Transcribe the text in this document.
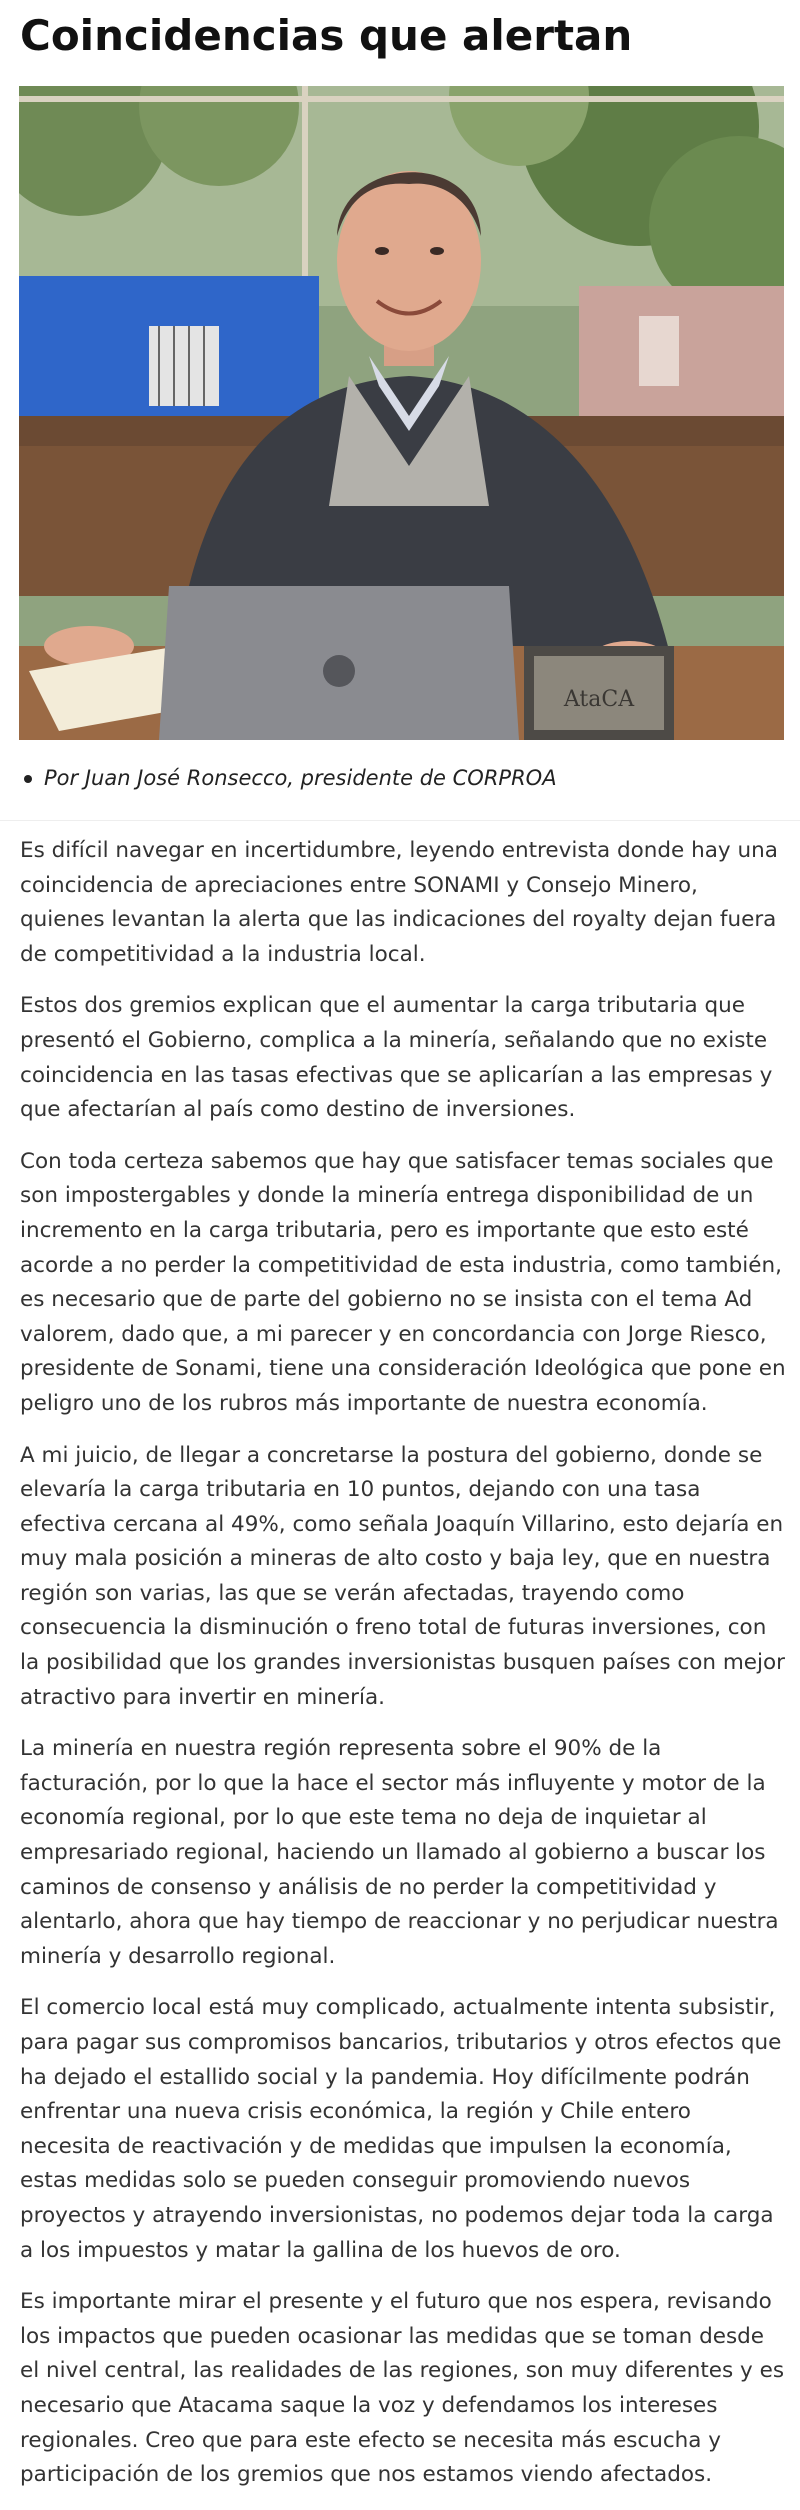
Coincidencias que alertan
AtaCA
Por Juan José Ronsecco, presidente de CORPROA

Es difícil navegar en incertidumbre, leyendo entrevista donde hay una coincidencia de apreciaciones entre SONAMI y Consejo Minero, quienes levantan la alerta que las indicaciones del royalty dejan fuera de competitividad a la industria local.

Estos dos gremios explican que el aumentar la carga tributaria que presentó el Gobierno, complica a la minería, señalando que no existe coincidencia en las tasas efectivas que se aplicarían a las empresas y que afectarían al país como destino de inversiones.

Con toda certeza sabemos que hay que satisfacer temas sociales que son impostergables y donde la minería entrega disponibilidad de un incremento en la carga tributaria, pero es importante que esto esté acorde a no perder la competitividad de esta industria, como también, es necesario que de parte del gobierno no se insista con el tema Ad valorem, dado que, a mi parecer y en concordancia con Jorge Riesco, presidente de Sonami, tiene una consideración Ideológica que pone en peligro uno de los rubros más importante de nuestra economía.

A mi juicio, de llegar a concretarse la postura del gobierno, donde se elevaría la carga tributaria en 10 puntos, dejando con una tasa efectiva cercana al 49%, como señala Joaquín Villarino, esto dejaría en muy mala posición a mineras de alto costo y baja ley, que en nuestra región son varias, las que se verán afectadas, trayendo como consecuencia la disminución o freno total de futuras inversiones, con la posibilidad que los grandes inversionistas busquen países con mejor atractivo para invertir en minería.

La minería en nuestra región representa sobre el 90% de la facturación, por lo que la hace el sector más influyente y motor de la economía regional, por lo que este tema no deja de inquietar al empresariado regional, haciendo un llamado al gobierno a buscar los caminos de consenso y análisis de no perder la competitividad y alentarlo, ahora que hay tiempo de reaccionar y no perjudicar nuestra minería y desarrollo regional.

El comercio local está muy complicado, actualmente intenta subsistir, para pagar sus compromisos bancarios, tributarios y otros efectos que ha dejado el estallido social y la pandemia. Hoy difícilmente podrán enfrentar una nueva crisis económica, la región y Chile entero necesita de reactivación y de medidas que impulsen la economía, estas medidas solo se pueden conseguir promoviendo nuevos proyectos y atrayendo inversionistas, no podemos dejar toda la carga a los impuestos y matar la gallina de los huevos de oro.

Es importante mirar el presente y el futuro que nos espera, revisando los impactos que pueden ocasionar las medidas que se toman desde el nivel central, las realidades de las regiones, son muy diferentes y es necesario que Atacama saque la voz y defendamos los intereses regionales. Creo que para este efecto se necesita más escucha y participación de los gremios que nos estamos viendo afectados.
